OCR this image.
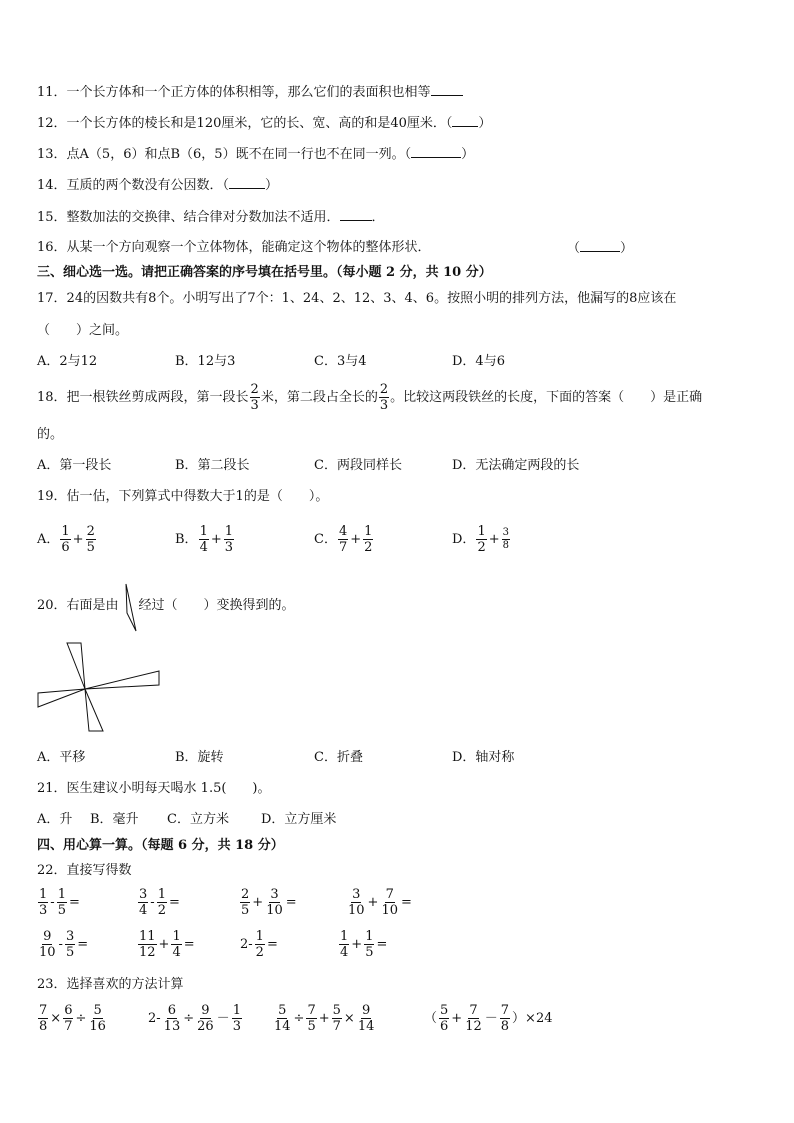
11．一个长方体和一个正方体的体积相等，那么它们的表面积也相等
12．一个长方体的棱长和是120厘米，它的长、宽、高的和是40厘米．（ ）
13．点A（5，6）和点B（6，5）既不在同一行也不在同一列。（	）
14．互质的两个数没有公因数．（	）
15．整数加法的交换律、结合律对分数加法不适用． ．
16．从某一个方向观察一个立体物体，能确定这个物体的整体形状．	（	）
三、细心选一选。请把正确答案的序号填在括号里。（每小题 2 分，共 10 分）
17．24的因数共有8个。小明写出了7个：1、24、2、12、3、4、6。按照小明的排列方法，他漏写的8应该在
（　　）之间。
A．2与12	B．12与3	C．3与4	D．4与6
18．把一根铁丝剪成两段，第一段长 $\frac{2}{3}$ 米，第二段占全长的 $\frac{2}{3}$ 。比较这两段铁丝的长度，下面的答案（　　）是正确
的。
A．第一段长	B．第二段长	C．两段同样长	D．无法确定两段的长
19．估一估，下列算式中得数大于1的是（　　）。
A． $\frac{1}{6} + \frac{2}{5}$	B． $\frac{1}{4} + \frac{1}{3}$	C． $\frac{4}{7} + \frac{1}{2}$	D． $\frac{1}{2} + \frac{3}{8}$
20．右面是由 经过（　　）变换得到的。
A．平移	B．旋转	C．折叠	D．轴对称
21．医生建议小明每天喝水 1.5(　　)。
A．升 B．毫升 C．立方米 D．立方厘米
四、用心算一算。（每题 6 分，共 18 分）
22．直接写得数
$\frac{1}{3} - \frac{1}{5}$ =	$\frac{3}{4} - \frac{1}{2}$ =	$\frac{2}{5} + \frac{3}{10}$ =	$\frac{3}{10} + \frac{7}{10}$ =
$\frac{9}{10} - \frac{3}{5}$ =	$\frac{11}{12} + \frac{1}{4}$ =	$2- \frac{1}{2}$ =	$\frac{1}{4} + \frac{1}{5}$ =
23．选择喜欢的方法计算
$\frac{7}{8} \times \frac{6}{7} \div \frac{5}{16}$	$2- \frac{6}{13} \div \frac{9}{26} - \frac{1}{3} \frac{5}{14} \div \frac{7}{5} + \frac{5}{7} \times \frac{9}{14}$	（ $\frac{5}{6} + \frac{7}{12} - \frac{7}{8} )\times 24$
